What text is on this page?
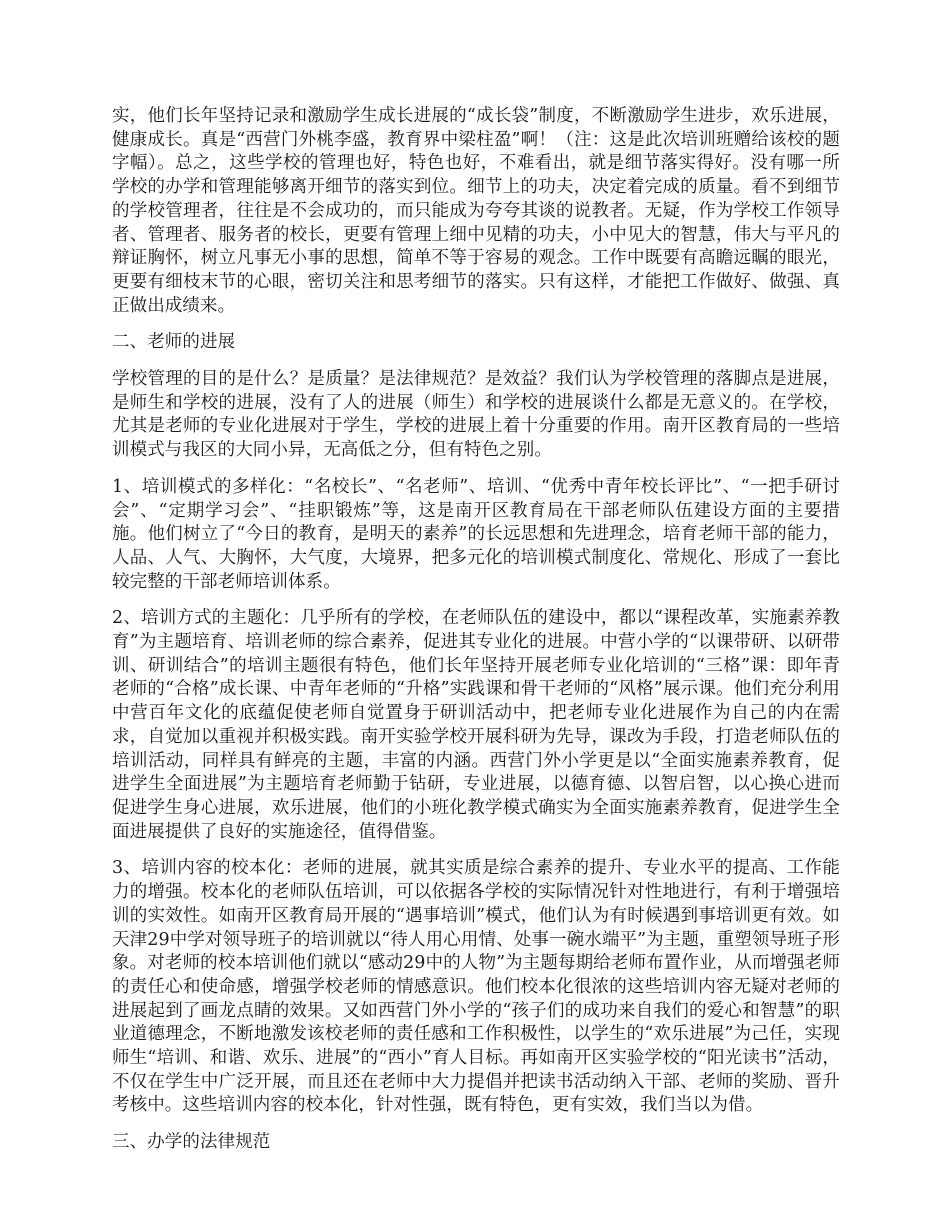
实，他们长年坚持记录和激励学生成长进展的“成长袋”制度，不断激励学生进步，欢乐进展，健康成长。真是“西营门外桃李盛，教育界中梁柱盈”啊！（注：这是此次培训班赠给该校的题字幅）。总之，这些学校的管理也好，特色也好，不难看出，就是细节落实得好。没有哪一所学校的办学和管理能够离开细节的落实到位。细节上的功夫，决定着完成的质量。看不到细节的学校管理者，往往是不会成功的，而只能成为夸夸其谈的说教者。无疑，作为学校工作领导者、管理者、服务者的校长，更要有管理上细中见精的功夫，小中见大的智慧，伟大与平凡的辩证胸怀，树立凡事无小事的思想，简单不等于容易的观念。工作中既要有高瞻远瞩的眼光，更要有细枝末节的心眼，密切关注和思考细节的落实。只有这样，才能把工作做好、做强、真正做出成绩来。

二、老师的进展

学校管理的目的是什么？是质量？是法律规范？是效益？我们认为学校管理的落脚点是进展，是师生和学校的进展，没有了人的进展（师生）和学校的进展谈什么都是无意义的。在学校，尤其是老师的专业化进展对于学生，学校的进展上着十分重要的作用。南开区教育局的一些培训模式与我区的大同小异，无高低之分，但有特色之别。

1、培训模式的多样化：“名校长”、“名老师”、培训、“优秀中青年校长评比”、“一把手研讨会”、“定期学习会”、“挂职锻炼”等，这是南开区教育局在干部老师队伍建设方面的主要措施。他们树立了“今日的教育，是明天的素养”的长远思想和先进理念，培育老师干部的能力，人品、人气、大胸怀，大气度，大境界，把多元化的培训模式制度化、常规化、形成了一套比较完整的干部老师培训体系。

2、培训方式的主题化：几乎所有的学校，在老师队伍的建设中，都以“课程改革，实施素养教育”为主题培育、培训老师的综合素养，促进其专业化的进展。中营小学的“以课带研、以研带训、研训结合”的培训主题很有特色，他们长年坚持开展老师专业化培训的“三格”课：即年青老师的“合格”成长课、中青年老师的“升格”实践课和骨干老师的“风格”展示课。他们充分利用中营百年文化的底蕴促使老师自觉置身于研训活动中，把老师专业化进展作为自己的内在需求，自觉加以重视并积极实践。南开实验学校开展科研为先导，课改为手段，打造老师队伍的培训活动，同样具有鲜亮的主题，丰富的内涵。西营门外小学更是以“全面实施素养教育，促进学生全面进展”为主题培育老师勤于钻研，专业进展，以德育德、以智启智，以心换心进而促进学生身心进展，欢乐进展，他们的小班化教学模式确实为全面实施素养教育，促进学生全面进展提供了良好的实施途径，值得借鉴。

3、培训内容的校本化：老师的进展，就其实质是综合素养的提升、专业水平的提高、工作能力的增强。校本化的老师队伍培训，可以依据各学校的实际情况针对性地进行，有利于增强培训的实效性。如南开区教育局开展的“遇事培训”模式，他们认为有时候遇到事培训更有效。如天津29中学对领导班子的培训就以“待人用心用情、处事一碗水端平”为主题，重塑领导班子形象。对老师的校本培训他们就以“感动29中的人物”为主题每期给老师布置作业，从而增强老师的责任心和使命感，增强学校老师的情感意识。他们校本化很浓的这些培训内容无疑对老师的进展起到了画龙点睛的效果。又如西营门外小学的“孩子们的成功来自我们的爱心和智慧”的职业道德理念，不断地激发该校老师的责任感和工作积极性，以学生的“欢乐进展”为己任，实现师生“培训、和谐、欢乐、进展”的“西小”育人目标。再如南开区实验学校的“阳光读书”活动，不仅在学生中广泛开展，而且还在老师中大力提倡并把读书活动纳入干部、老师的奖励、晋升考核中。这些培训内容的校本化，针对性强，既有特色，更有实效，我们当以为借。

三、办学的法律规范
